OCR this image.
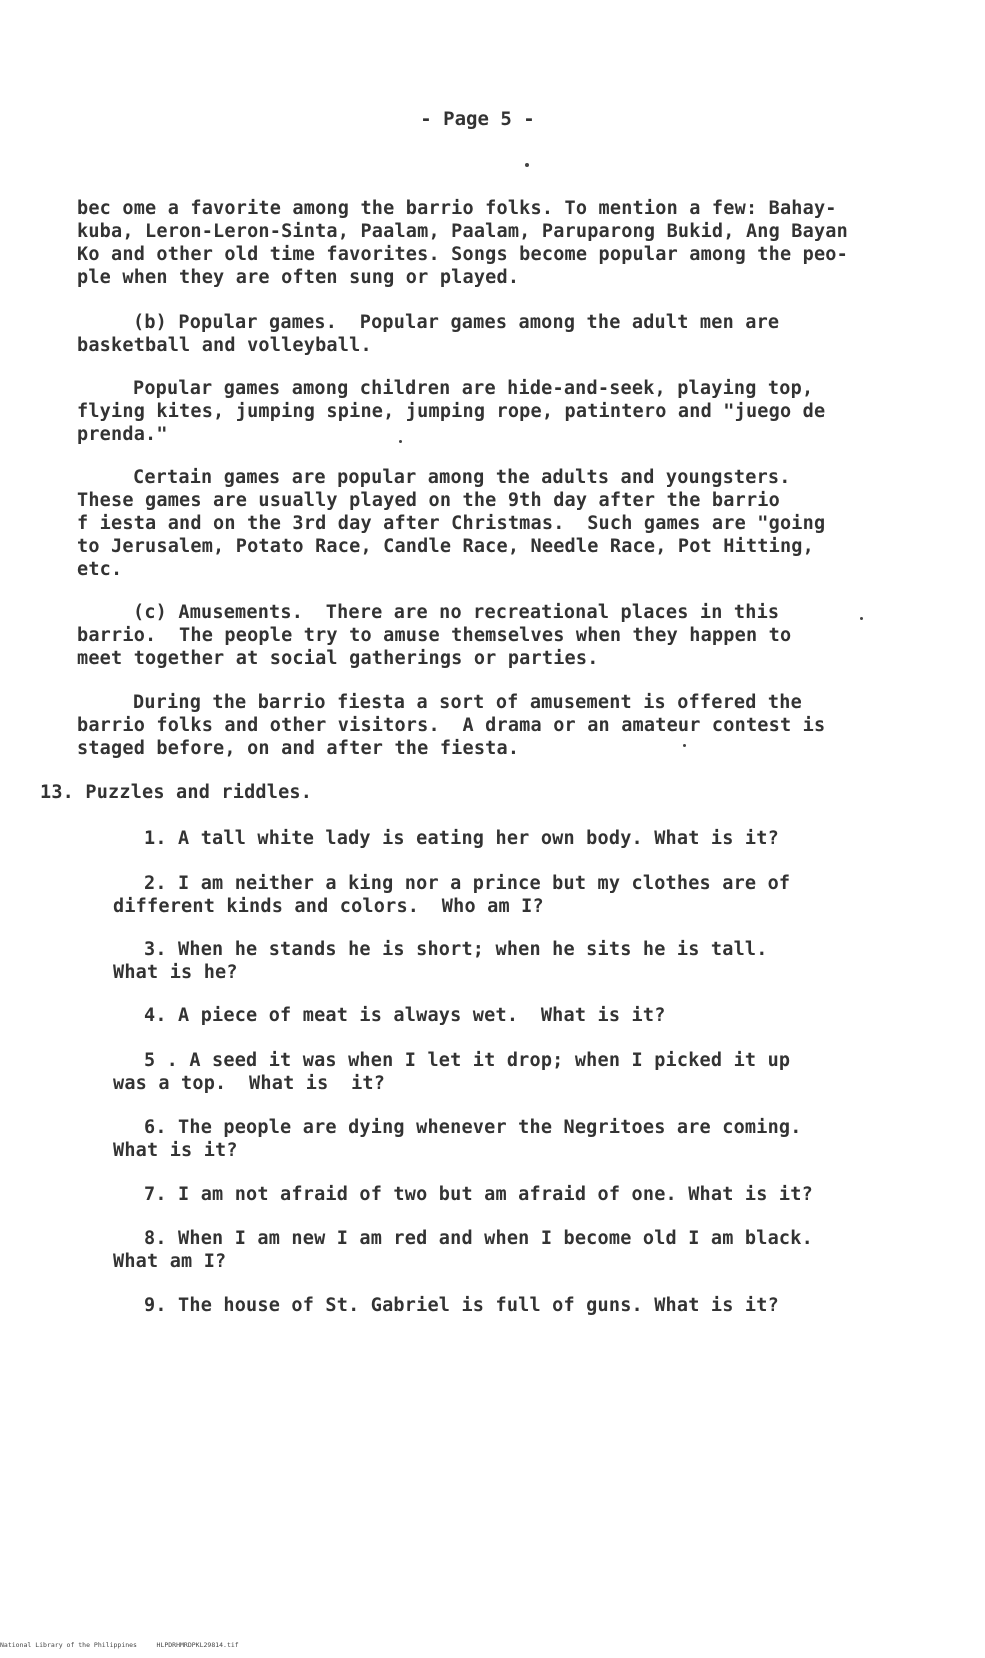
- Page 5 -
bec ome a favorite among the barrio folks. To mention a few: Bahay-
kuba, Leron-Leron-Sinta, Paalam, Paalam, Paruparong Bukid, Ang Bayan
Ko and other old time favorites. Songs become popular among the peo-
ple when they are often sung or played.
(b) Popular games.  Popular games among the adult men are
basketball and volleyball.
Popular games among children are hide-and-seek, playing top,
flying kites, jumping spine, jumping rope, patintero and "juego de
prenda."
Certain games are popular among the adults and youngsters.
These games are usually played on the 9th day after the barrio
f iesta and on the 3rd day after Christmas.  Such games are "going
to Jerusalem, Potato Race, Candle Race, Needle Race, Pot Hitting,
etc.
(c) Amusements.  There are no recreational places in this
barrio.  The people try to amuse themselves when they happen to
meet together at social gatherings or parties.
During the barrio fiesta a sort of amusement is offered the
barrio folks and other visitors.  A drama or an amateur contest is
staged before, on and after the fiesta.
13. Puzzles and riddles.
1. A tall white lady is eating her own body. What is it?
2. I am neither a king nor a prince but my clothes are of
different kinds and colors.  Who am I?
3. When he stands he is short; when he sits he is tall.
What is he?
4. A piece of meat is always wet.  What is it?
5 . A seed it was when I let it drop; when I picked it up
was a top.  What is  it?
6. The people are dying whenever the Negritoes are coming.
What is it?
7. I am not afraid of two but am afraid of one. What is it?
8. When I am new I am red and when I become old I am black.
What am I?
9. The house of St. Gabriel is full of guns. What is it?
National Library of the Philippines     HLPDRHMRDPKL29814.tif
